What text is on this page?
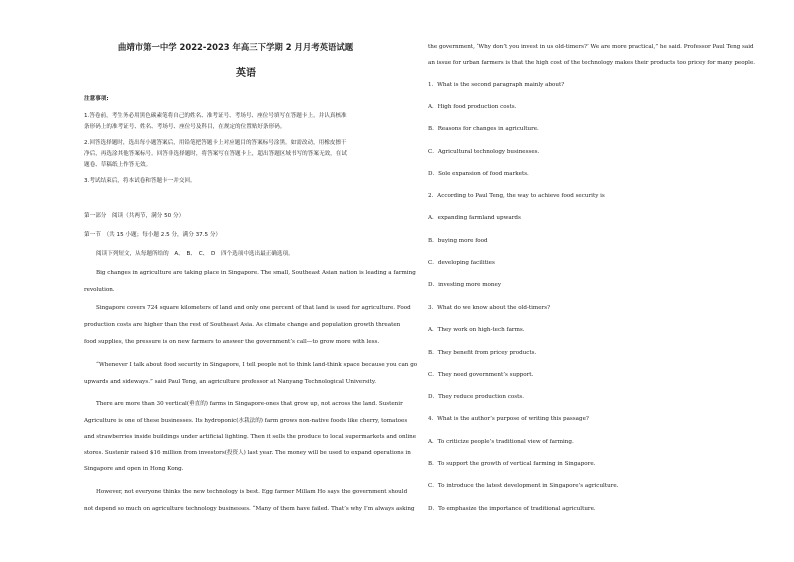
曲靖市第一中学 2022-2023 年高三下学期 2 月月考英语试题
英语
注意事项:
1.答卷前，考生务必用黑色碳素笔将自己的姓名、准考证号、考场号、座位号填写在答题卡上，并认真核准
条形码上的准考证号、姓名、考场号、座位号及科目，在规定的位置贴好条形码。
2.回答选择题时，选出每小题答案后，用铅笔把答题卡上对应题目的答案标号涂黑。如需改动，用橡皮擦干
净后，再选涂其他答案标号。回答非选择题时，将答案写在答题卡上，超出答题区域书写的答案无效，在试
题卷、草稿纸上作答无效。
3.考试结束后，将本试卷和答题卡一并交回。
第一部分　阅读（共两节，满分 50 分）
第一节　（共 15 小题；每小题 2.5 分，满分 37.5 分）
阅读下列短文，从每题所给的　A、　B、　C、　D　四个选项中选出最正确选项。
Big changes in agriculture are taking place in Singapore. The small, Southeast Asian nation is leading a farming
revolution.
Singapore covers 724 square kilometers of land and only one percent of that land is used for agriculture. Food
production costs are higher than the rest of Southeast Asia. As climate change and population growth threaten
food supplies, the pressure is on new farmers to answer the government’s call—to grow more with less.
“Whenever I talk about food security in Singapore, I tell people not to think land-think space because you can go
upwards and sideways.” said Paul Teng, an agriculture professor at Nanyang Technological University.
There are more than 30 vertical(垂直的) farms in Singapore-ones that grow up, not across the land. Sustenir
Agriculture is one of these businesses. Its hydroponic(水栽法的) farm grows non-native foods like cherry, tomatoes
and strawberries inside buildings under artificial lighting. Then it sells the produce to local supermarkets and online
stores. Sustenir raised $16 million from investors(投资人) last year. The money will be used to expand operations in
Singapore and open in Hong Kong.
However, not everyone thinks the new technology is best. Egg farmer Millam Ho says the government should
not depend so much on agriculture technology businesses. “Many of them have failed. That’s why I’m always asking
the government, ‘Why don’t you invest in us old-timers?’ We are more practical,” he said. Professor Paul Teng said
an issue for urban farmers is that the high cost of the technology makes their products too pricey for many people.
1．What is the second paragraph mainly about?
A．High food production costs.
B．Reasons for changes in agriculture.
C．Agricultural technology businesses.
D．Sole expansion of food markets.
2．According to Paul Teng, the way to achieve food security is
A．expanding farmland upwards
B．buying more food
C．developing facilities
D．investing more money
3．What do we know about the old-timers?
A．They work on high-tech farms.
B．They benefit from pricey products.
C．They need government’s support.
D．They reduce production costs.
4．What is the author’s purpose of writing this passage?
A．To criticize people’s traditional view of farming.
B．To support the growth of vertical farming in Singapore.
C．To introduce the latest development in Singapore’s agriculture.
D．To emphasize the importance of traditional agriculture.
